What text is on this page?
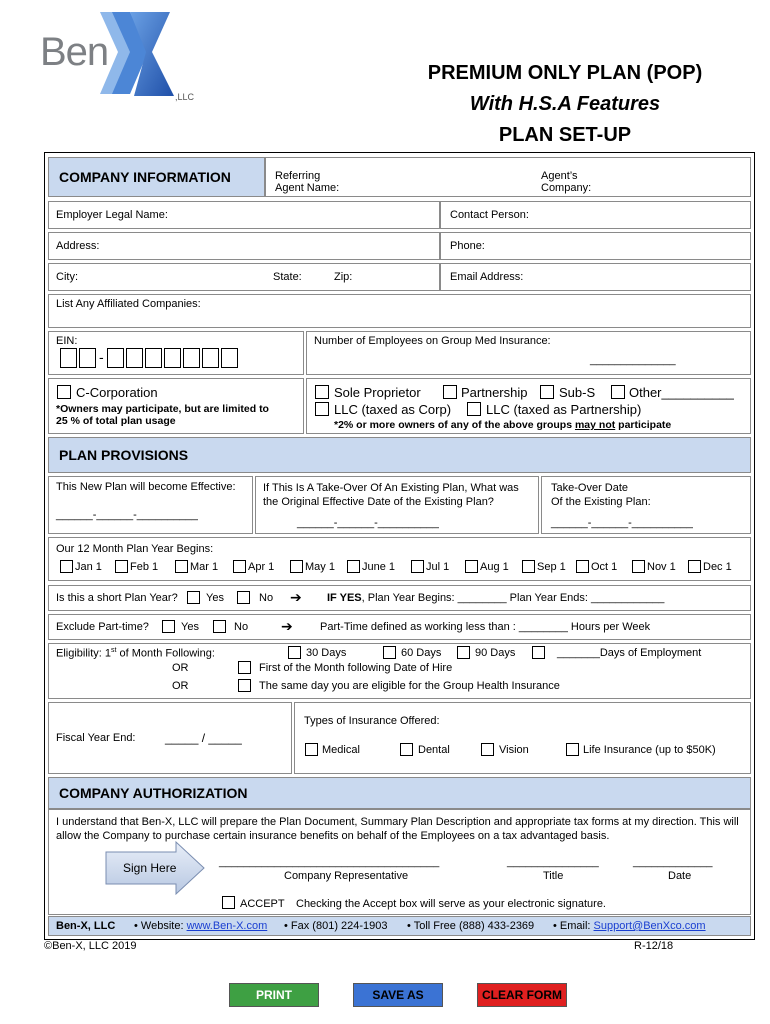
Ben
,LLC
PREMIUM ONLY PLAN (POP)
With H.S.A Features
PLAN SET-UP
COMPANY INFORMATION	Referring
Agent Name:
Agent’s
Company:
Employer Legal Name:	Contact Person:
Address:	Phone:
City:	State:	Zip:	Email Address:
List Any Affiliated Companies:
EIN:
-
Number of Employees on Group Med Insurance:
______________
C-Corporation
*Owners may participate, but are limited to
25 % of total plan usage
Sole Proprietor	Partnership Sub-S	Other__________
LLC (taxed as Corp)	LLC (taxed as Partnership)
*2% or more owners of any of the above groups may not participate
PLAN PROVISIONS
This New Plan will become Effective:
______-______-__________
If This Is A Take-Over Of An Existing Plan, What was
the Original Effective Date of the Existing Plan?
______-______-__________
Take-Over Date
Of the Existing Plan:
______-______-__________
Our 12 Month Plan Year Begins:
Jan 1	Feb 1	Mar 1	Apr 1	May 1 June 1	Jul 1	Aug 1	Sep 1 Oct 1	Nov 1 Dec 1
Is this a short Plan Year?	Yes	No ➔ IF YES, Plan Year Begins: ________ Plan Year Ends: ____________
Exclude Part-time?	Yes	No ➔ Part-Time defined as working less than : ________ Hours per Week
Eligibility: 1st of Month Following:	30 Days	60 Days	90 Days	_______Days of Employment
OR	First of the Month following Date of Hire
OR	The same day you are eligible for the Group Health Insurance
Fiscal Year End: _____ / _____
Types of Insurance Offered:
Medical	Dental	Vision	Life Insurance (up to $50K)
COMPANY AUTHORIZATION
I understand that Ben-X, LLC will prepare the Plan Document, Summary Plan Description and appropriate tax forms at my direction. This will allow the Company to purchase certain insurance benefits on behalf of the Employees on a tax advantaged basis.
Sign Here	____________________________________	_______________	_____________
Company Representative	Title	Date
ACCEPT Checking the Accept box will serve as your electronic signature.
Ben-X, LLC • Website: www.Ben-X.com • Fax (801) 224-1903 • Toll Free (888) 433-2369 • Email: Support@BenXco.com
©Ben-X, LLC 2019	R-12/18
PRINT	SAVE AS	CLEAR FORM
